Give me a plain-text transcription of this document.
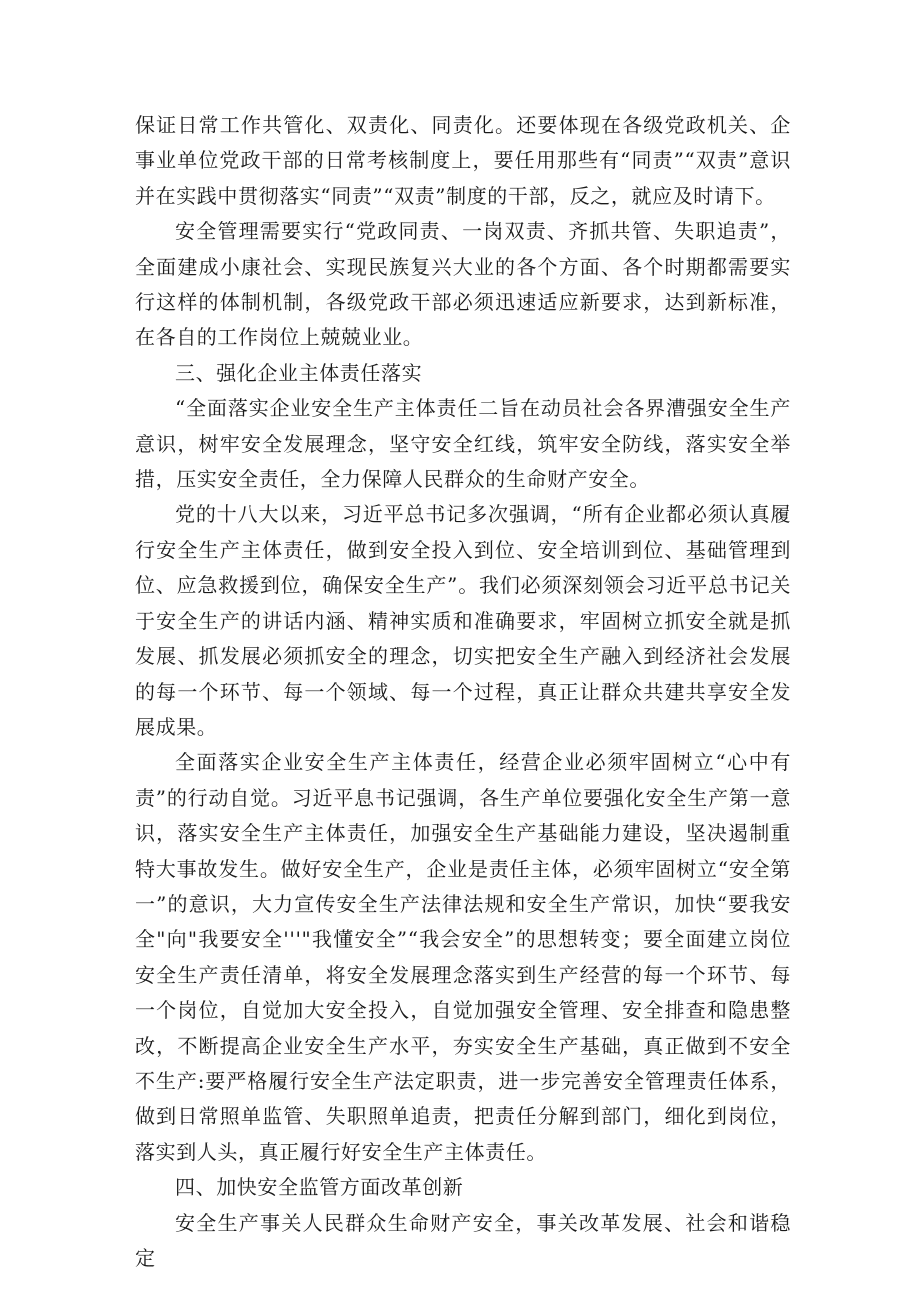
保证日常工作共管化、双责化、同责化。还要体现在各级党政机关、企事业单位党政干部的日常考核制度上，要任用那些有“同责”“双责”意识并在实践中贯彻落实“同责”“双责”制度的干部，反之，就应及时请下。

安全管理需要实行“党政同责、一岗双责、齐抓共管、失职追责”，全面建成小康社会、实现民族复兴大业的各个方面、各个时期都需要实行这样的体制机制，各级党政干部必须迅速适应新要求，达到新标准，在各自的工作岗位上兢兢业业。

三、强化企业主体责任落实

“全面落实企业安全生产主体责任二旨在动员社会各界漕强安全生产意识，树牢安全发展理念，坚守安全红线，筑牢安全防线，落实安全举措，压实安全责任，全力保障人民群众的生命财产安全。

党的十八大以来，习近平总书记多次强调，“所有企业都必须认真履行安全生产主体责任，做到安全投入到位、安全培训到位、基础管理到位、应急救援到位，确保安全生产”。我们必须深刻领会习近平总书记关于安全生产的讲话内涵、精神实质和准确要求，牢固树立抓安全就是抓发展、抓发展必须抓安全的理念，切实把安全生产融入到经济社会发展的每一个环节、每一个领域、每一个过程，真正让群众共建共享安全发展成果。

全面落实企业安全生产主体责任，经营企业必须牢固树立“心中有责”的行动自觉。习近平息书记强调，各生产单位要强化安全生产第一意识，落实安全生产主体责任，加强安全生产基础能力建设，坚决遏制重特大事故发生。做好安全生产，企业是责任主体，必须牢固树立“安全第一”的意识，大力宣传安全生产法律法规和安全生产常识，加快“要我安全"向"我要安全'''"我懂安全”“我会安全”的思想转变；要全面建立岗位安全生产责任清单，将安全发展理念落实到生产经营的每一个环节、每一个岗位，自觉加大安全投入，自觉加强安全管理、安全排查和隐患整改，不断提高企业安全生产水平，夯实安全生产基础，真正做到不安全不生产:要严格履行安全生产法定职责，进一步完善安全管理责任体系，做到日常照单监管、失职照单追责，把责任分解到部门，细化到岗位，落实到人头，真正履行好安全生产主体责任。

四、加快安全监管方面改革创新

安全生产事关人民群众生命财产安全，事关改革发展、社会和谐稳定
